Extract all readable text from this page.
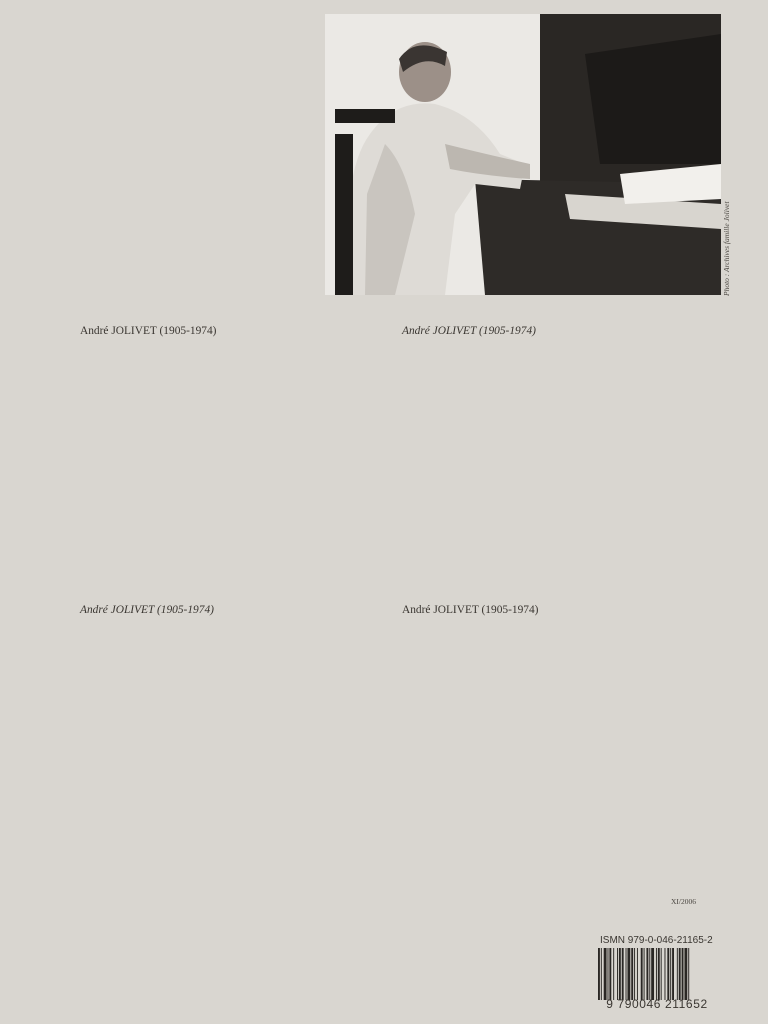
Photo : Archives famille Jolivet
André JOLIVET (1905-1974)	André JOLIVET (1905-1974)

André JOLIVET (1905-1974)	André JOLIVET (1905-1974)

XI/2006
ISMN 979-0-046-21165-2
9 790046 211652
